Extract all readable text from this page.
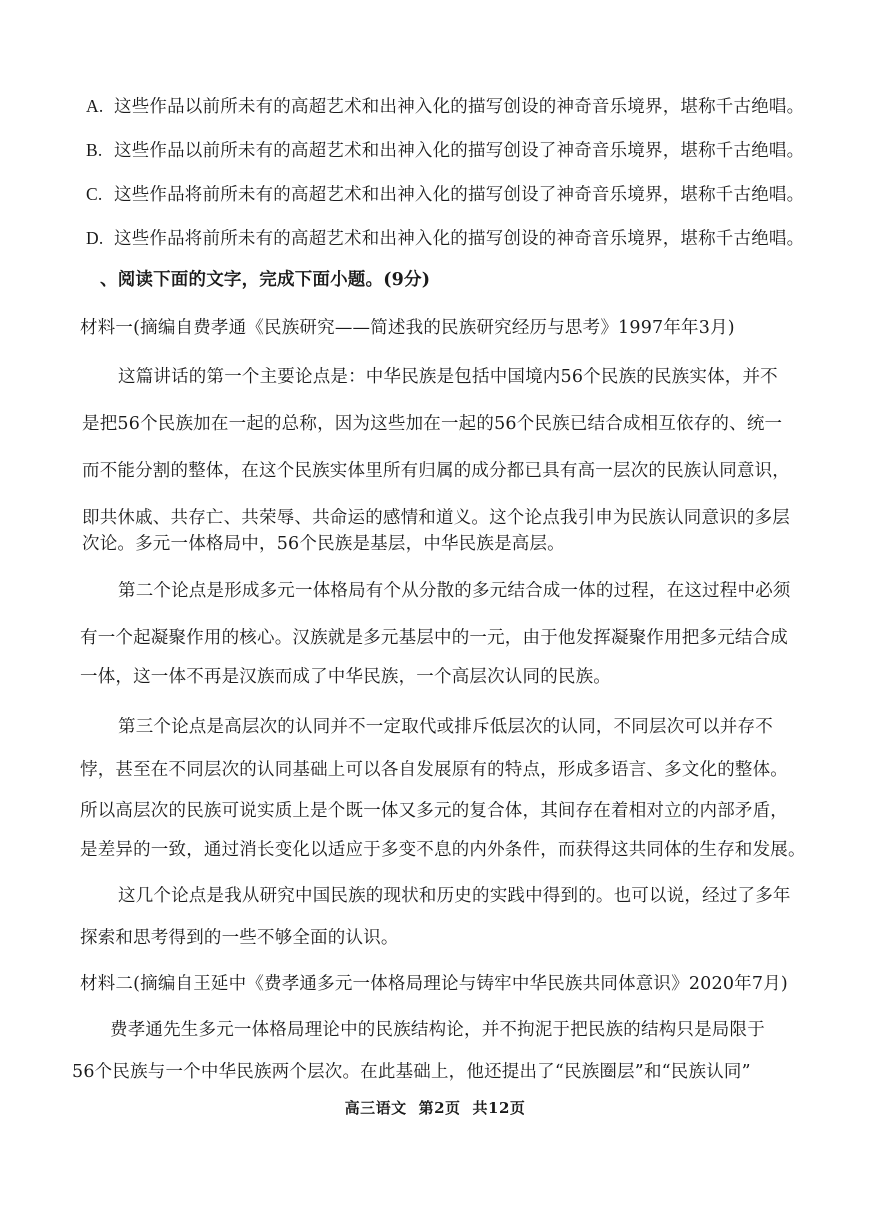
A. 这些作品以前所未有的高超艺术和出神入化的描写创设的神奇音乐境界，堪称千古绝唱。
B. 这些作品以前所未有的高超艺术和出神入化的描写创设了神奇音乐境界，堪称千古绝唱。
C. 这些作品将前所未有的高超艺术和出神入化的描写创设了神奇音乐境界，堪称千古绝唱。
D. 这些作品将前所未有的高超艺术和出神入化的描写创设的神奇音乐境界，堪称千古绝唱。
、阅读下面的文字，完成下面小题。(9分)
材料一(摘编自费孝通《民族研究——简述我的民族研究经历与思考》1997年年3月)
这篇讲话的第一个主要论点是：中华民族是包括中国境内56个民族的民族实体，并不
是把56个民族加在一起的总称，因为这些加在一起的56个民族已结合成相互依存的、统一
而不能分割的整体，在这个民族实体里所有归属的成分都已具有高一层次的民族认同意识，
即共休戚、共存亡、共荣辱、共命运的感情和道义。这个论点我引申为民族认同意识的多层
次论。多元一体格局中，56个民族是基层，中华民族是高层。
第二个论点是形成多元一体格局有个从分散的多元结合成一体的过程，在这过程中必须
有一个起凝聚作用的核心。汉族就是多元基层中的一元，由于他发挥凝聚作用把多元结合成
一体，这一体不再是汉族而成了中华民族，一个高层次认同的民族。
第三个论点是高层次的认同并不一定取代或排斥低层次的认同，不同层次可以并存不
悖，甚至在不同层次的认同基础上可以各自发展原有的特点，形成多语言、多文化的整体。
所以高层次的民族可说实质上是个既一体又多元的复合体，其间存在着相对立的内部矛盾，
是差异的一致，通过消长变化以适应于多变不息的内外条件，而获得这共同体的生存和发展。
这几个论点是我从研究中国民族的现状和历史的实践中得到的。也可以说，经过了多年
探索和思考得到的一些不够全面的认识。
材料二(摘编自王延中《费孝通多元一体格局理论与铸牢中华民族共同体意识》2020年7月)
费孝通先生多元一体格局理论中的民族结构论，并不拘泥于把民族的结构只是局限于
56个民族与一个中华民族两个层次。在此基础上，他还提出了“民族圈层”和“民族认同”
高三语文 第2页 共12页
